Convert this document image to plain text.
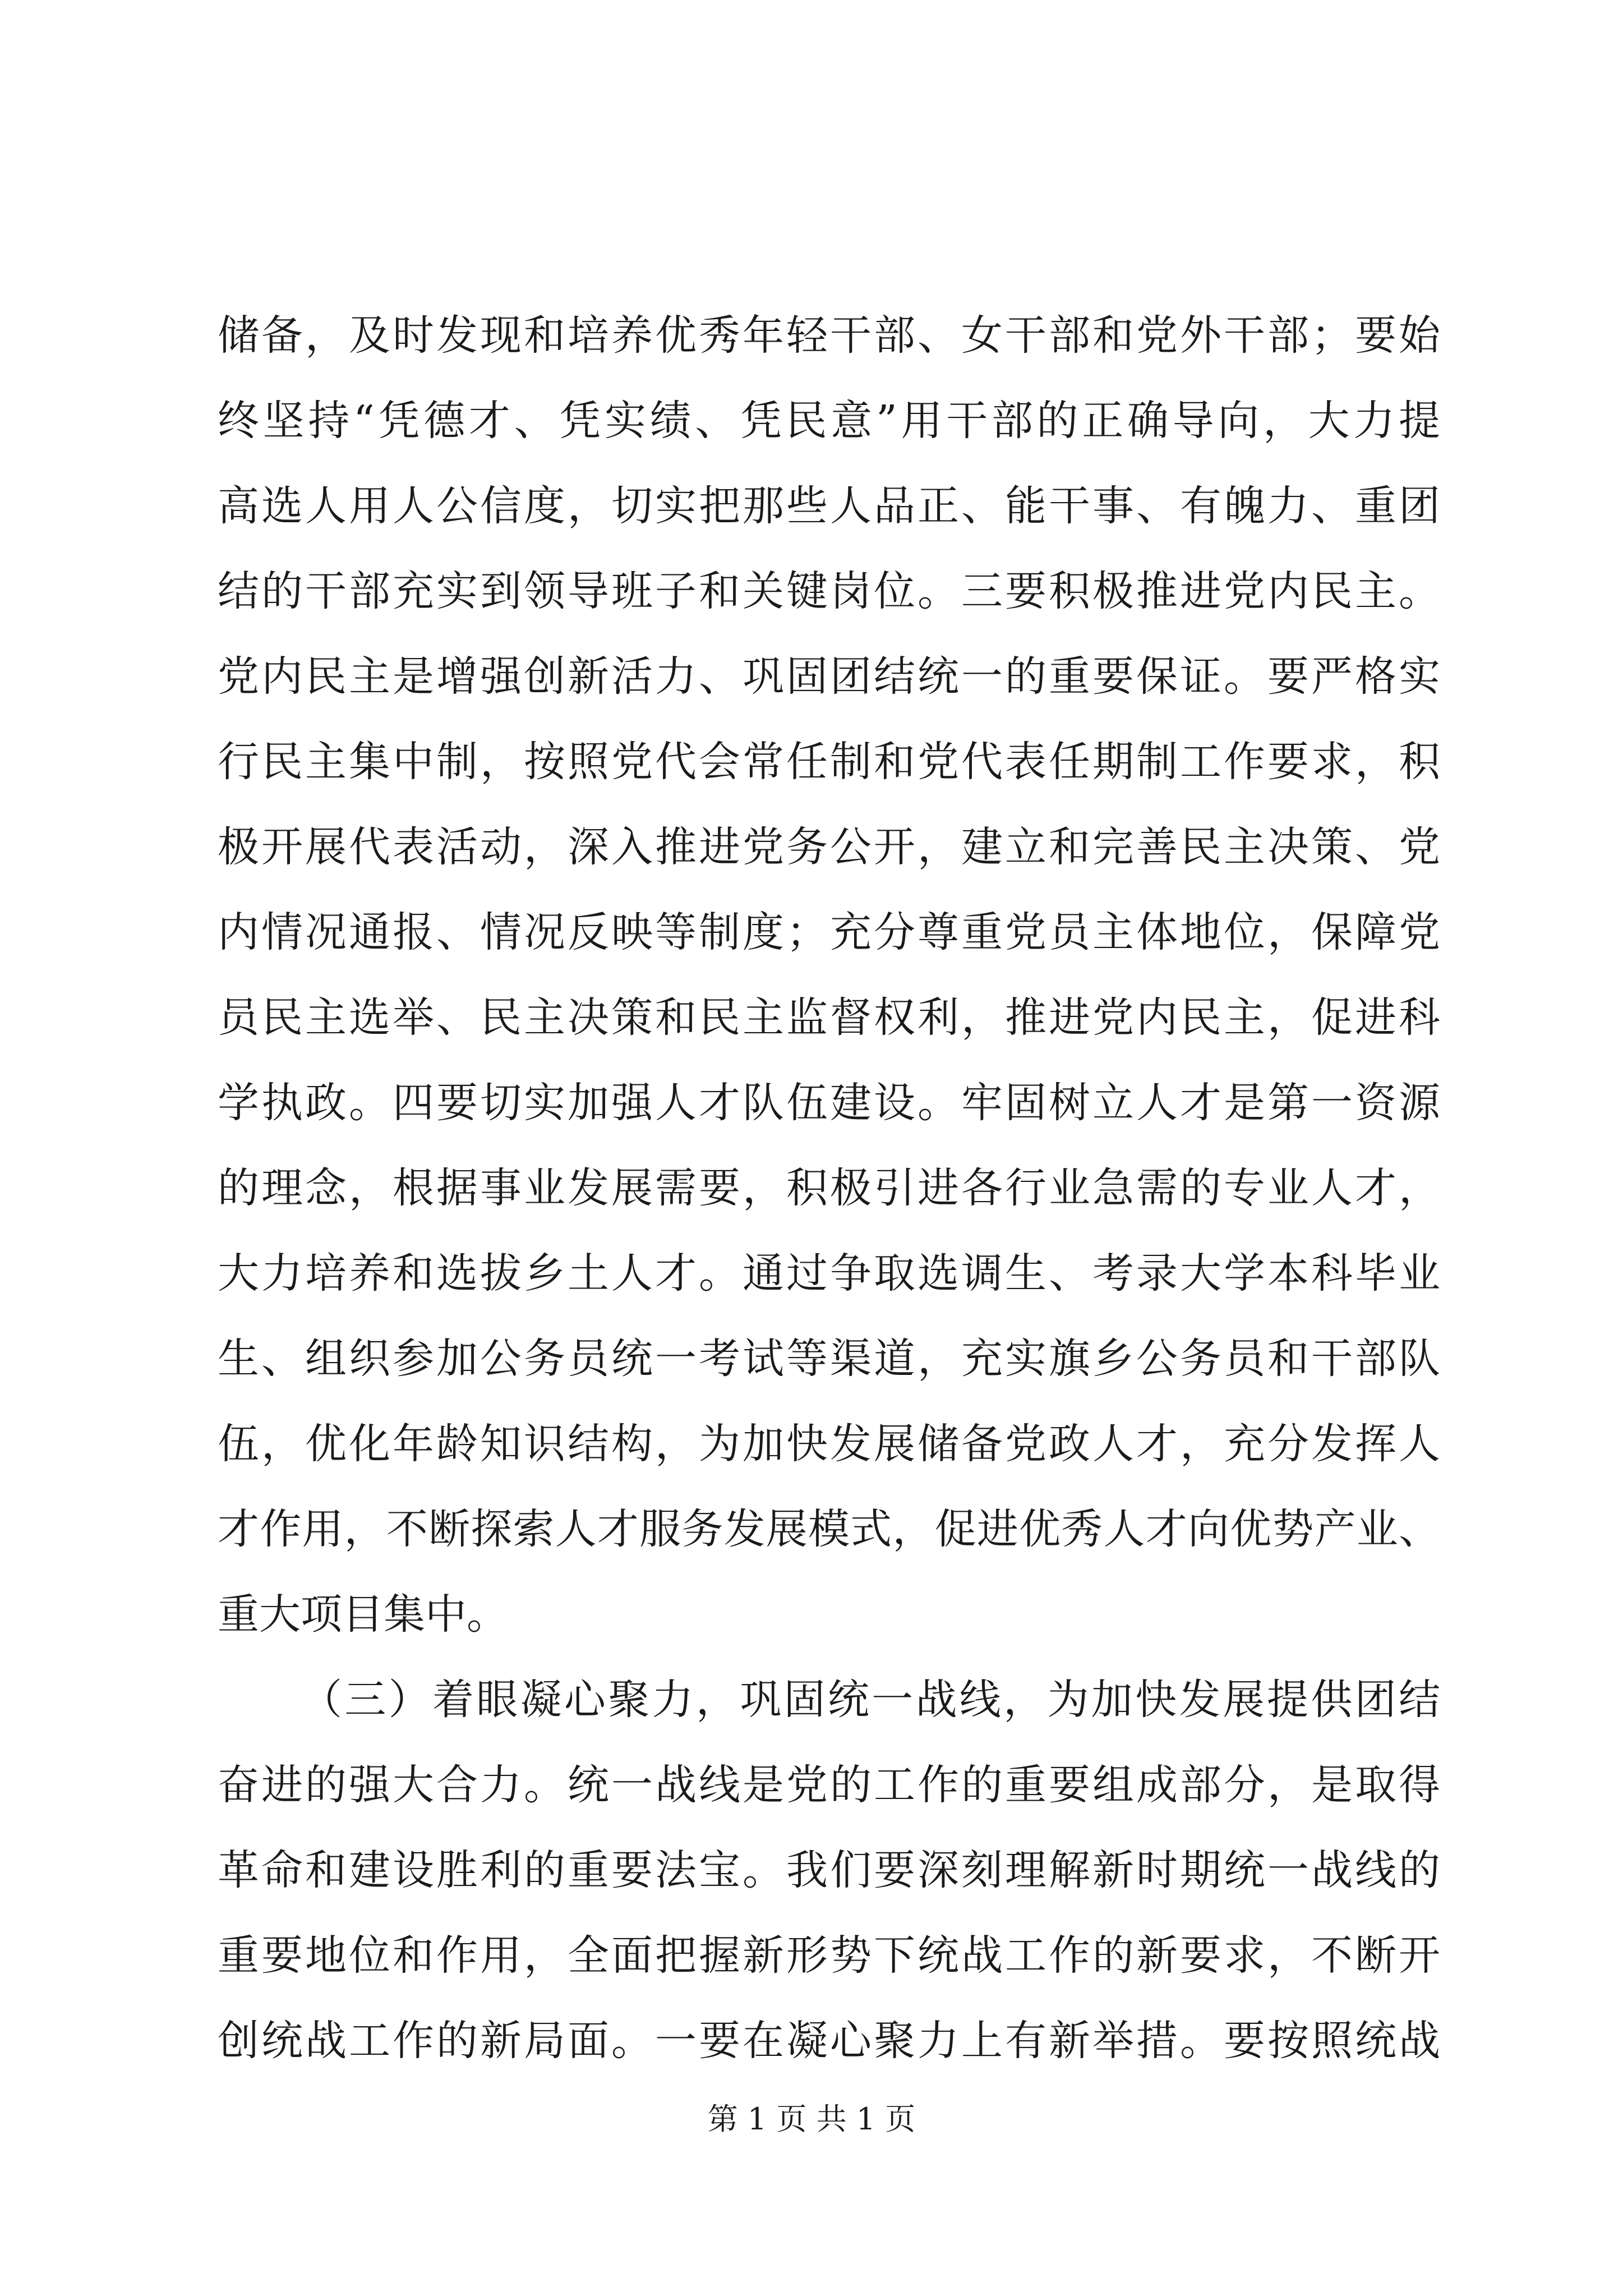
储备，及时发现和培养优秀年轻干部、女干部和党外干部；要始
终坚持“凭德才、凭实绩、凭民意”用干部的正确导向，大力提
高选人用人公信度，切实把那些人品正、能干事、有魄力、重团
结的干部充实到领导班子和关键岗位。三要积极推进党内民主。
党内民主是增强创新活力、巩固团结统一的重要保证。要严格实
行民主集中制，按照党代会常任制和党代表任期制工作要求，积
极开展代表活动，深入推进党务公开，建立和完善民主决策、党
内情况通报、情况反映等制度；充分尊重党员主体地位，保障党
员民主选举、民主决策和民主监督权利，推进党内民主，促进科
学执政。四要切实加强人才队伍建设。牢固树立人才是第一资源
的理念，根据事业发展需要，积极引进各行业急需的专业人才，
大力培养和选拔乡土人才。通过争取选调生、考录大学本科毕业
生、组织参加公务员统一考试等渠道，充实旗乡公务员和干部队
伍，优化年龄知识结构，为加快发展储备党政人才，充分发挥人
才作用，不断探索人才服务发展模式，促进优秀人才向优势产业、
重大项目集中。
（三）着眼凝心聚力，巩固统一战线，为加快发展提供团结
奋进的强大合力。统一战线是党的工作的重要组成部分，是取得
革命和建设胜利的重要法宝。我们要深刻理解新时期统一战线的
重要地位和作用，全面把握新形势下统战工作的新要求，不断开
创统战工作的新局面。一要在凝心聚力上有新举措。要按照统战
第 1 页 共 1 页
